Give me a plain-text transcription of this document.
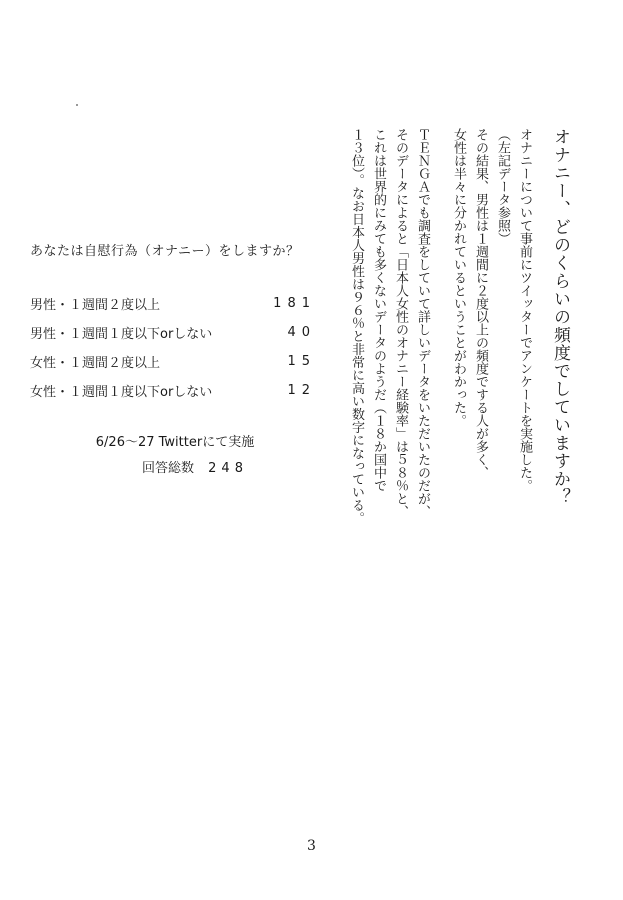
あなたは自慰行為（オナニー）をしますか？
男性・１週間２度以上	181
男性・１週間１度以下orしない	40
女性・１週間２度以上	15
女性・１週間１度以下orしない	12
6/26〜27 Twitterにて実施
回答総数 248	オナニー、どのくらいの頻度でしていますか？

オナニーについて事前にツイッターでアンケートを実施した。

（左記データ参照）

その結果、男性は１週間に２度以上の頻度でする人が多く、

女性は半々に分かれているということがわかった。

ＴＥＮＧＡでも調査をしていて詳しいデータをいただいたのだが、

そのデータによると「日本人女性のオナニー経験率」は５８％と、

これは世界的にみても多くないデータのようだ（１８か国中で

１３位）。なお日本人男性は９６％と非常に高い数字になっている。

3
